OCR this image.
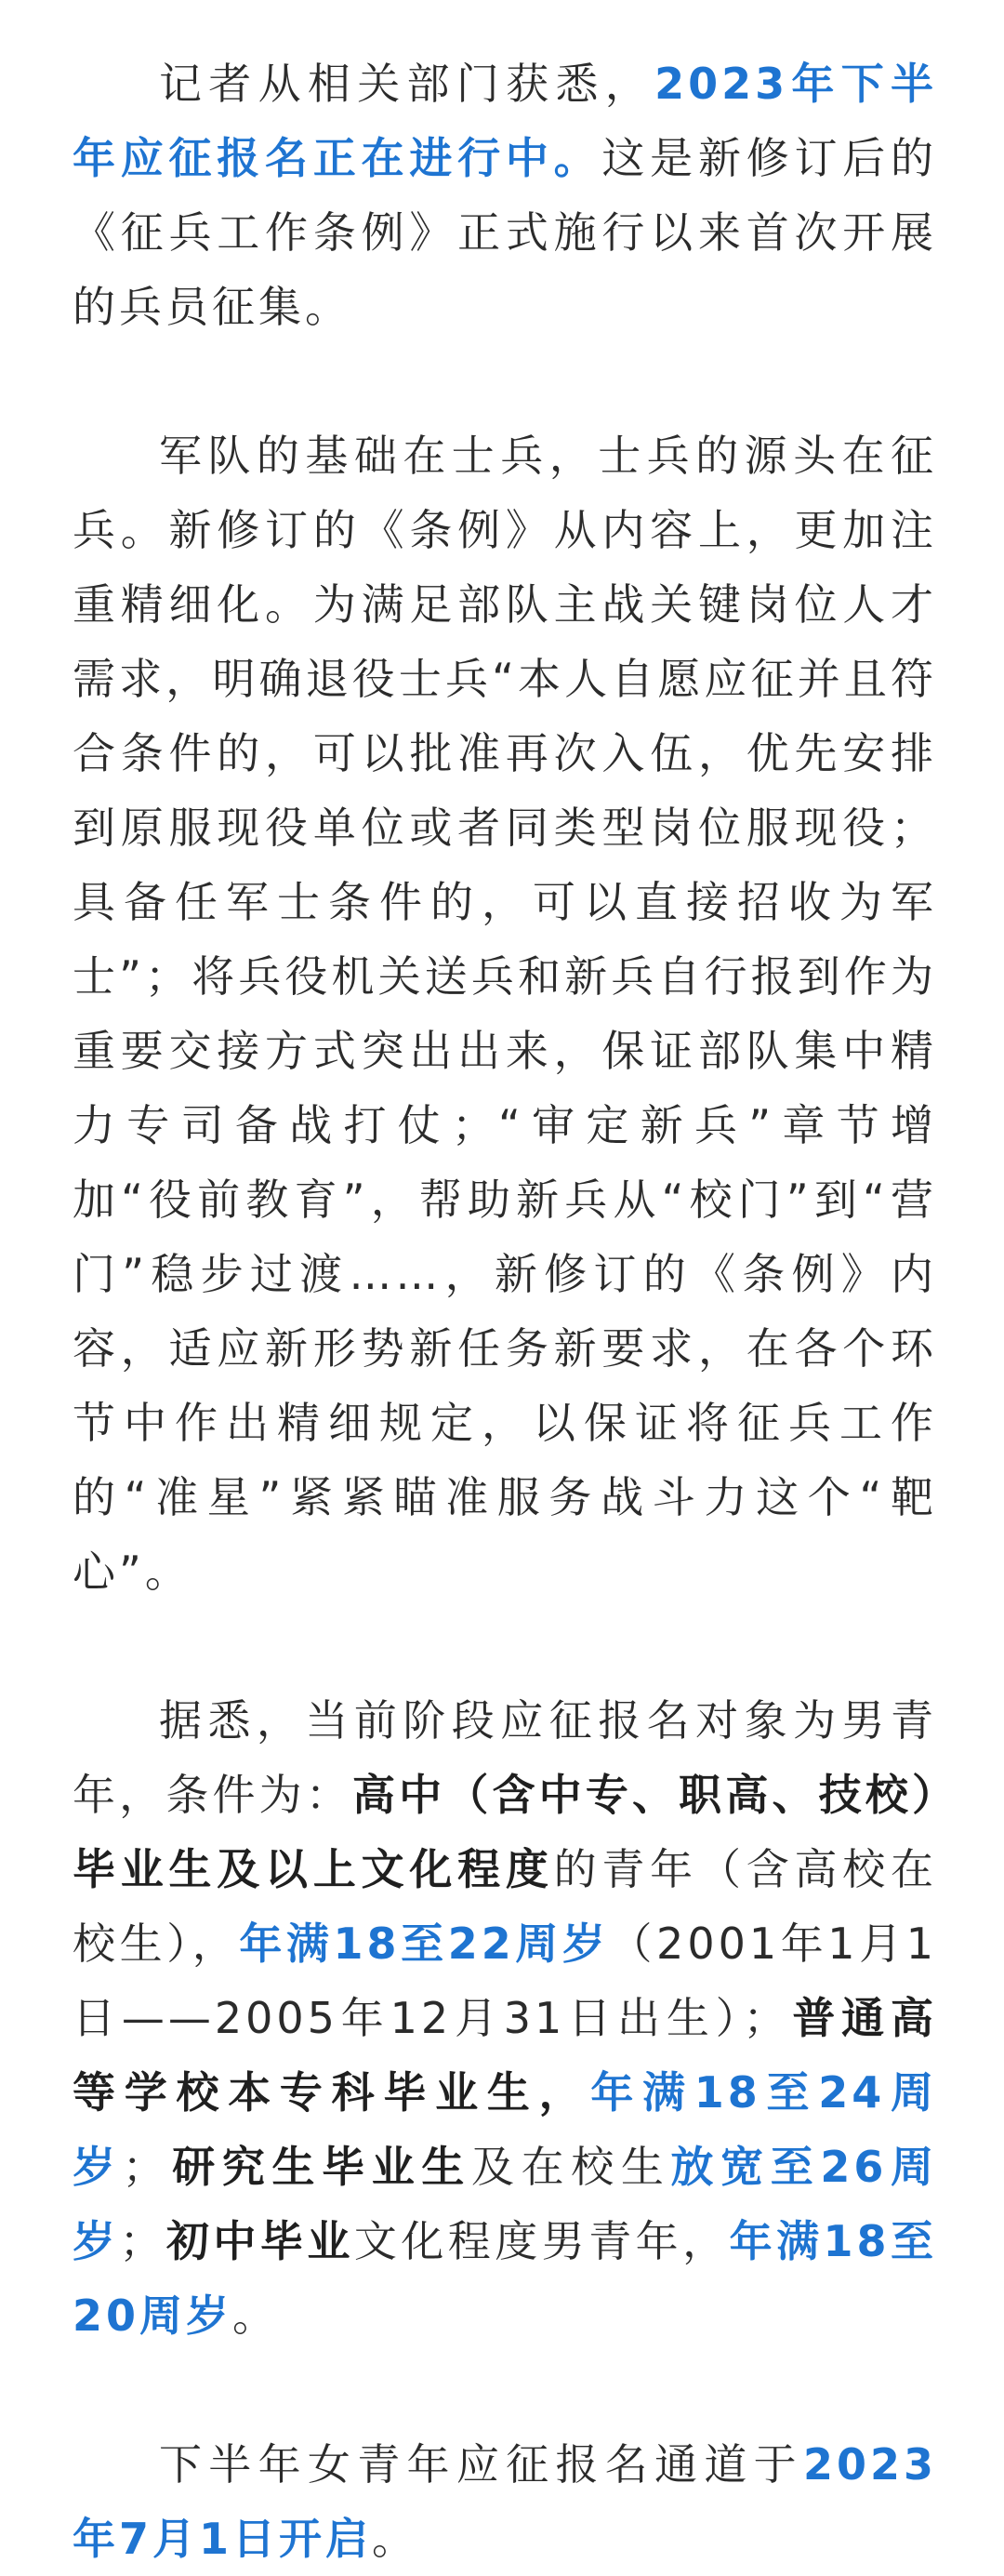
记者从相关部门获悉，2023年下半年应征报名正在进行中。这是新修订后的《征兵工作条例》正式施行以来首次开展的兵员征集。

军队的基础在士兵，士兵的源头在征兵。新修订的《条例》从内容上，更加注重精细化。为满足部队主战关键岗位人才需求，明确退役士兵“本人自愿应征并且符合条件的，可以批准再次入伍，优先安排到原服现役单位或者同类型岗位服现役；具备任军士条件的，可以直接招收为军士”；将兵役机关送兵和新兵自行报到作为重要交接方式突出出来，保证部队集中精力专司备战打仗；“审定新兵”章节增加“役前教育”，帮助新兵从“校门”到“营门”稳步过渡……，新修订的《条例》内容，适应新形势新任务新要求，在各个环节中作出精细规定，以保证将征兵工作的“准星”紧紧瞄准服务战斗力这个“靶心”。

据悉，当前阶段应征报名对象为男青年，条件为：高中（含中专、职高、技校）毕业生及以上文化程度的青年（含高校在校生），年满18至22周岁（2001年1月1日——2005年12月31日出生）；普通高等学校本专科毕业生，年满18至24周岁；研究生毕业生及在校生放宽至26周岁；初中毕业文化程度男青年，年满18至20周岁。

下半年女青年应征报名通道于2023年7月1日开启。
